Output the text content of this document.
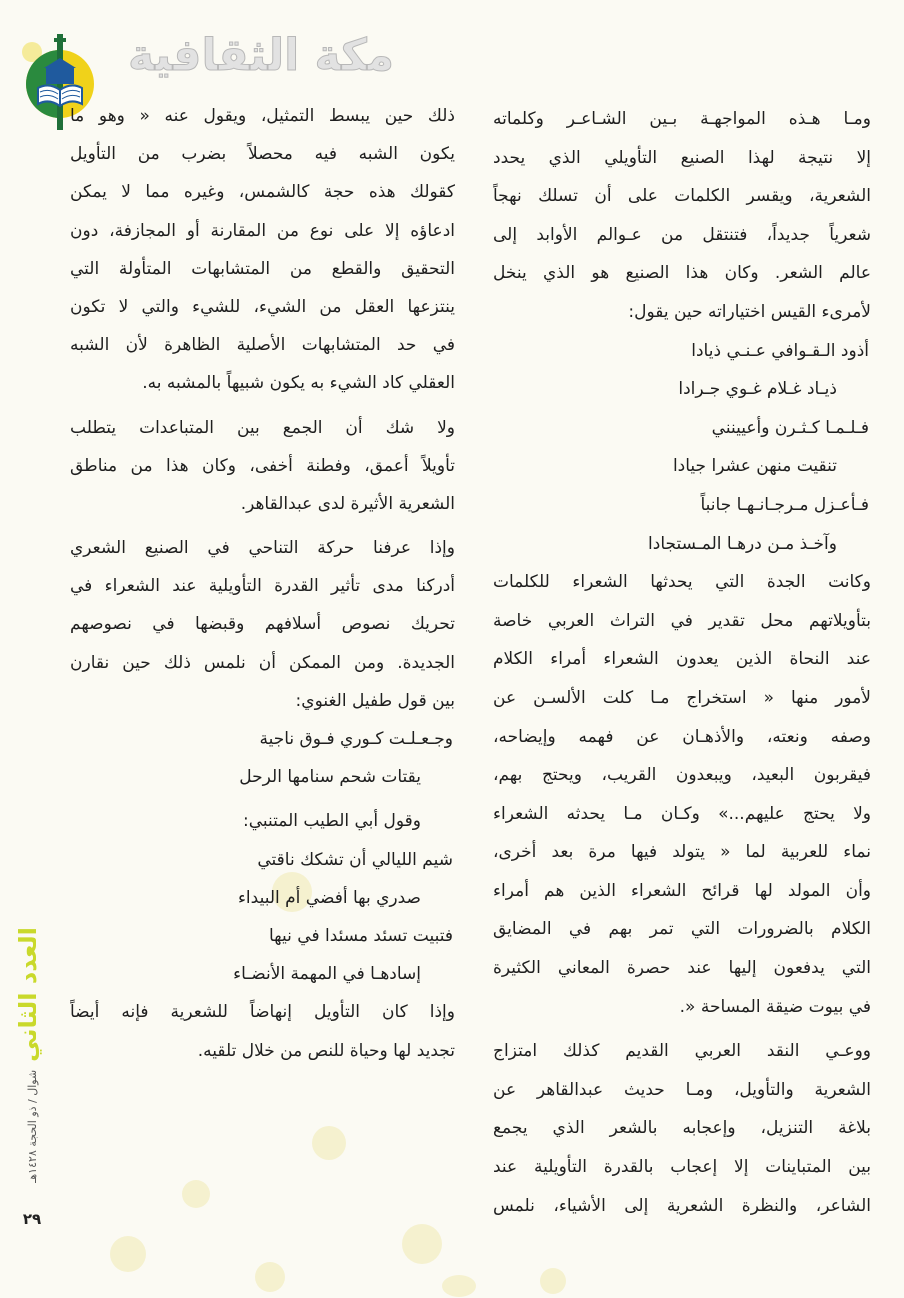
مكة الثقافية
ومـا هـذه المواجهـة بـين الشـاعـر وكلماته
إلا نتيجة لهذا الصنيع التأويلي الذي يحدد
الشعرية، ويقسر الكلمات على أن تسلك نهجاً
شعرياً جديداً، فتنتقل من عـوالم الأوابد إلى
عالم الشعر. وكان هذا الصنيع هو الذي ينخل
لأمرىء القيس اختياراته حين يقول:
أذود الـقـوافي عـنـي ذيادا
ذيـاد غـلام غـوي جـرادا
فـلـمـا كـثـرن وأعيينني
تنقيت منهن عشرا جيادا
فـأعـزل مـرجـانـهـا جانباً
وآخـذ مـن درهـا المـستجادا
وكانت الجدة التي يحدثها الشعراء للكلمات
بتأويلاتهم محل تقدير في التراث العربي خاصة
عند النحاة الذين يعدون الشعراء أمراء الكلام
لأمور منها « استخراج مـا كلت الألسـن عن
وصفه ونعته، والأذهـان عن فهمه وإيضاحه،
فيقربون البعيد، ويبعدون القريب، ويحتج بهم،
ولا يحتج عليهم...» وكـان مـا يحدثه الشعراء
نماء للعربية لما « يتولد فيها مرة بعد أخرى،
وأن المولد لها قرائح الشعراء الذين هم أمراء
الكلام بالضرورات التي تمر بهم في المضايق
التي يدفعون إليها عند حصرة المعاني الكثيرة
في بيوت ضيقة المساحة «.
ووعـي النقد العربي القديم كذلك امتزاج
الشعرية والتأويل، ومـا حديث عبدالقاهر عن
بلاغة التنزيل، وإعجابه بالشعر الذي يجمع
بين المتباينات إلا إعجاب بالقدرة التأويلية عند
الشاعر، والنظرة الشعرية إلى الأشياء، نلمس
ذلك حين يبسط التمثيل، ويقول عنه « وهو ما
يكون الشبه فيه محصلاً بضرب من التأويل
كقولك هذه حجة كالشمس، وغيره مما لا يمكن
ادعاؤه إلا على نوع من المقارنة أو المجازفة، دون
التحقيق والقطع من المتشابهات المتأولة التي
ينتزعها العقل من الشيء، للشيء والتي لا تكون
في حد المتشابهات الأصلية الظاهرة لأن الشبه
العقلي كاد الشيء به يكون شبيهاً بالمشبه به.
ولا شك أن الجمع بين المتباعدات يتطلب
تأويلاً أعمق، وفطنة أخفى، وكان هذا من مناطق
الشعرية الأثيرة لدى عبدالقاهر.
وإذا عرفنا حركة التناحي في الصنيع الشعري
أدركنا مدى تأثير القدرة التأويلية عند الشعراء في
تحريك نصوص أسلافهم وقبضها في نصوصهم
الجديدة. ومن الممكن أن نلمس ذلك حين نقارن
بين قول طفيل الغنوي:
وجـعـلـت كـوري فـوق ناجية
يقتات شحم سنامها الرحل
وقول أبي الطيب المتنبي:
شيم الليالي أن تشكك ناقتي
صدري بها أفضي أم البيداء
فتبيت تسئد مسئدا في نيها
إسادهـا في المهمة الأنضـاء
وإذا كان التأويل إنهاضاً للشعرية فإنه أيضاً
تجديد لها وحياة للنص من خلال تلقيه.
العدد الثاني
شوال / ذو الحجة ١٤٢٨هـ
٢٩
